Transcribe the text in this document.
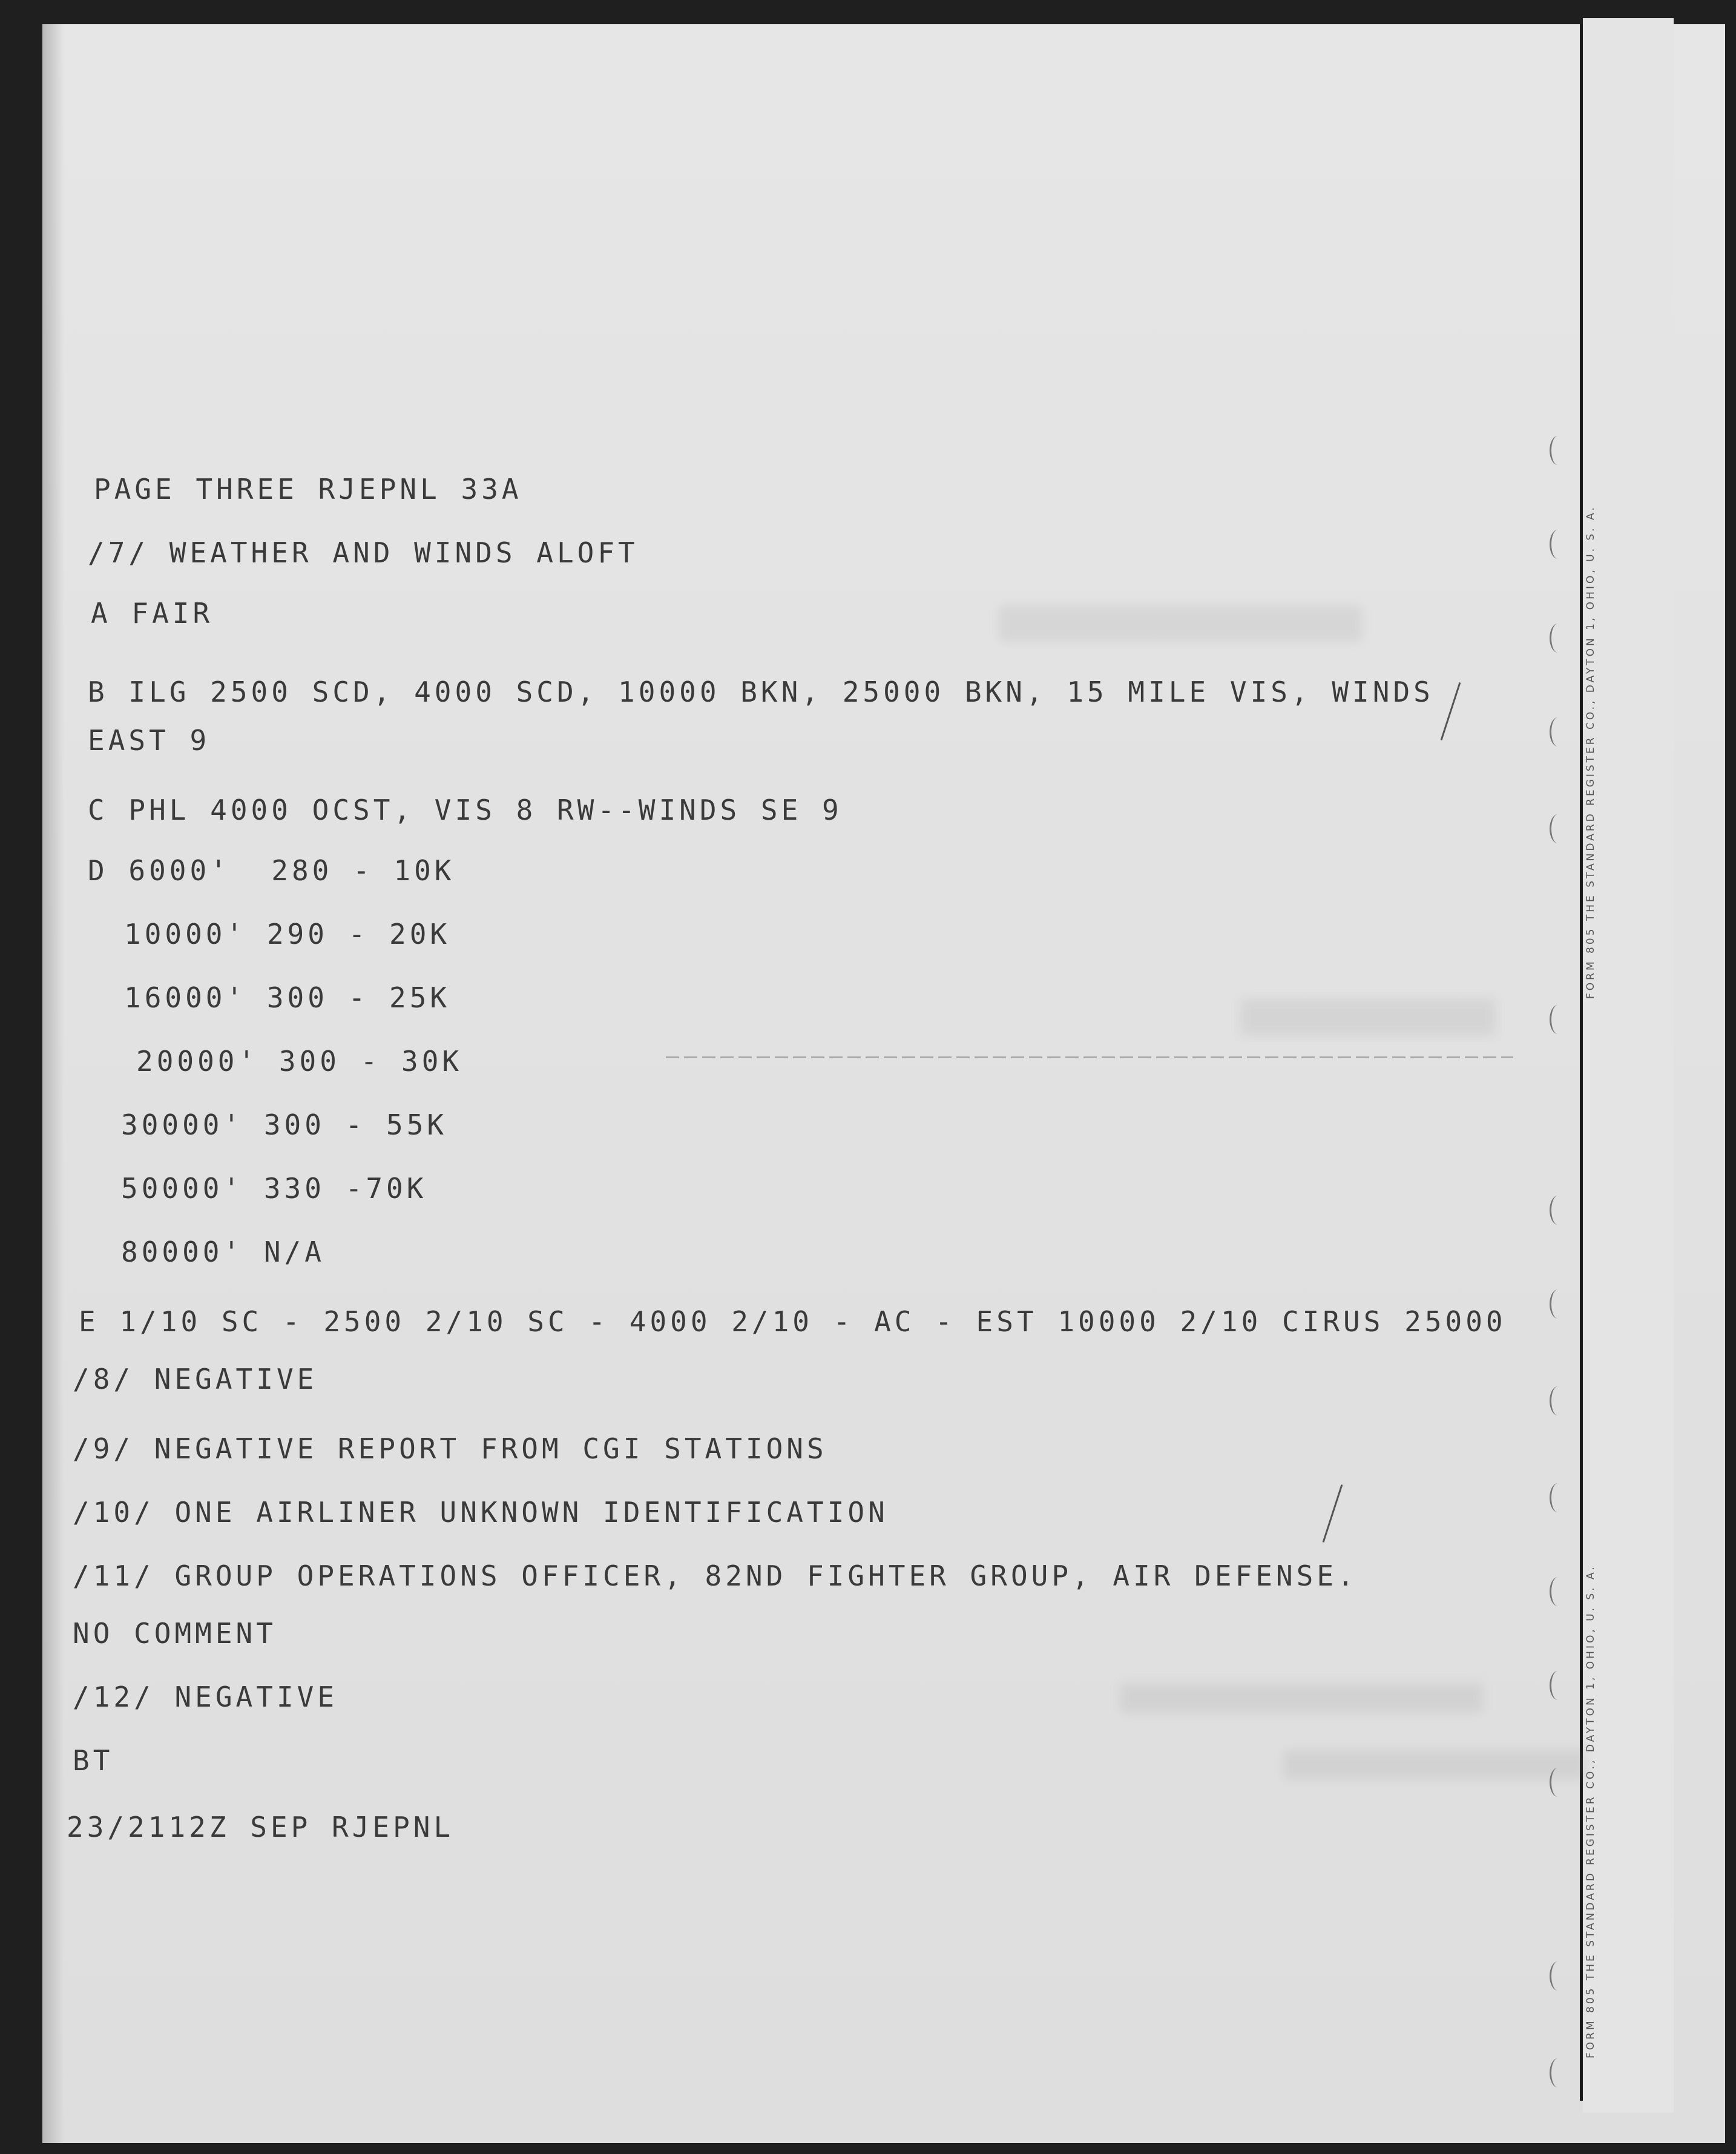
FORM 805 THE STANDARD REGISTER CO., DAYTON 1, OHIO, U. S. A.
FORM 805 THE STANDARD REGISTER CO., DAYTON 1, OHIO, U. S. A.

PAGE THREE RJEPNL 33A

/7/ WEATHER AND WINDS ALOFT

A FAIR

B ILG 2500 SCD, 4000 SCD, 10000 BKN, 25000 BKN, 15 MILE VIS, WINDS

EAST 9

C PHL 4000 OCST, VIS 8 RW--WINDS SE 9

D 6000'  280 - 10K

10000' 290 - 20K

16000' 300 - 25K

20000' 300 - 30K

30000' 300 - 55K

50000' 330 -70K

80000' N/A

E 1/10 SC - 2500 2/10 SC - 4000 2/10 - AC - EST 10000 2/10 CIRUS 25000

/8/ NEGATIVE

/9/ NEGATIVE REPORT FROM CGI STATIONS

/10/ ONE AIRLINER UNKNOWN IDENTIFICATION

/11/ GROUP OPERATIONS OFFICER, 82ND FIGHTER GROUP, AIR DEFENSE.

NO COMMENT

/12/ NEGATIVE

BT

23/2112Z SEP RJEPNL
